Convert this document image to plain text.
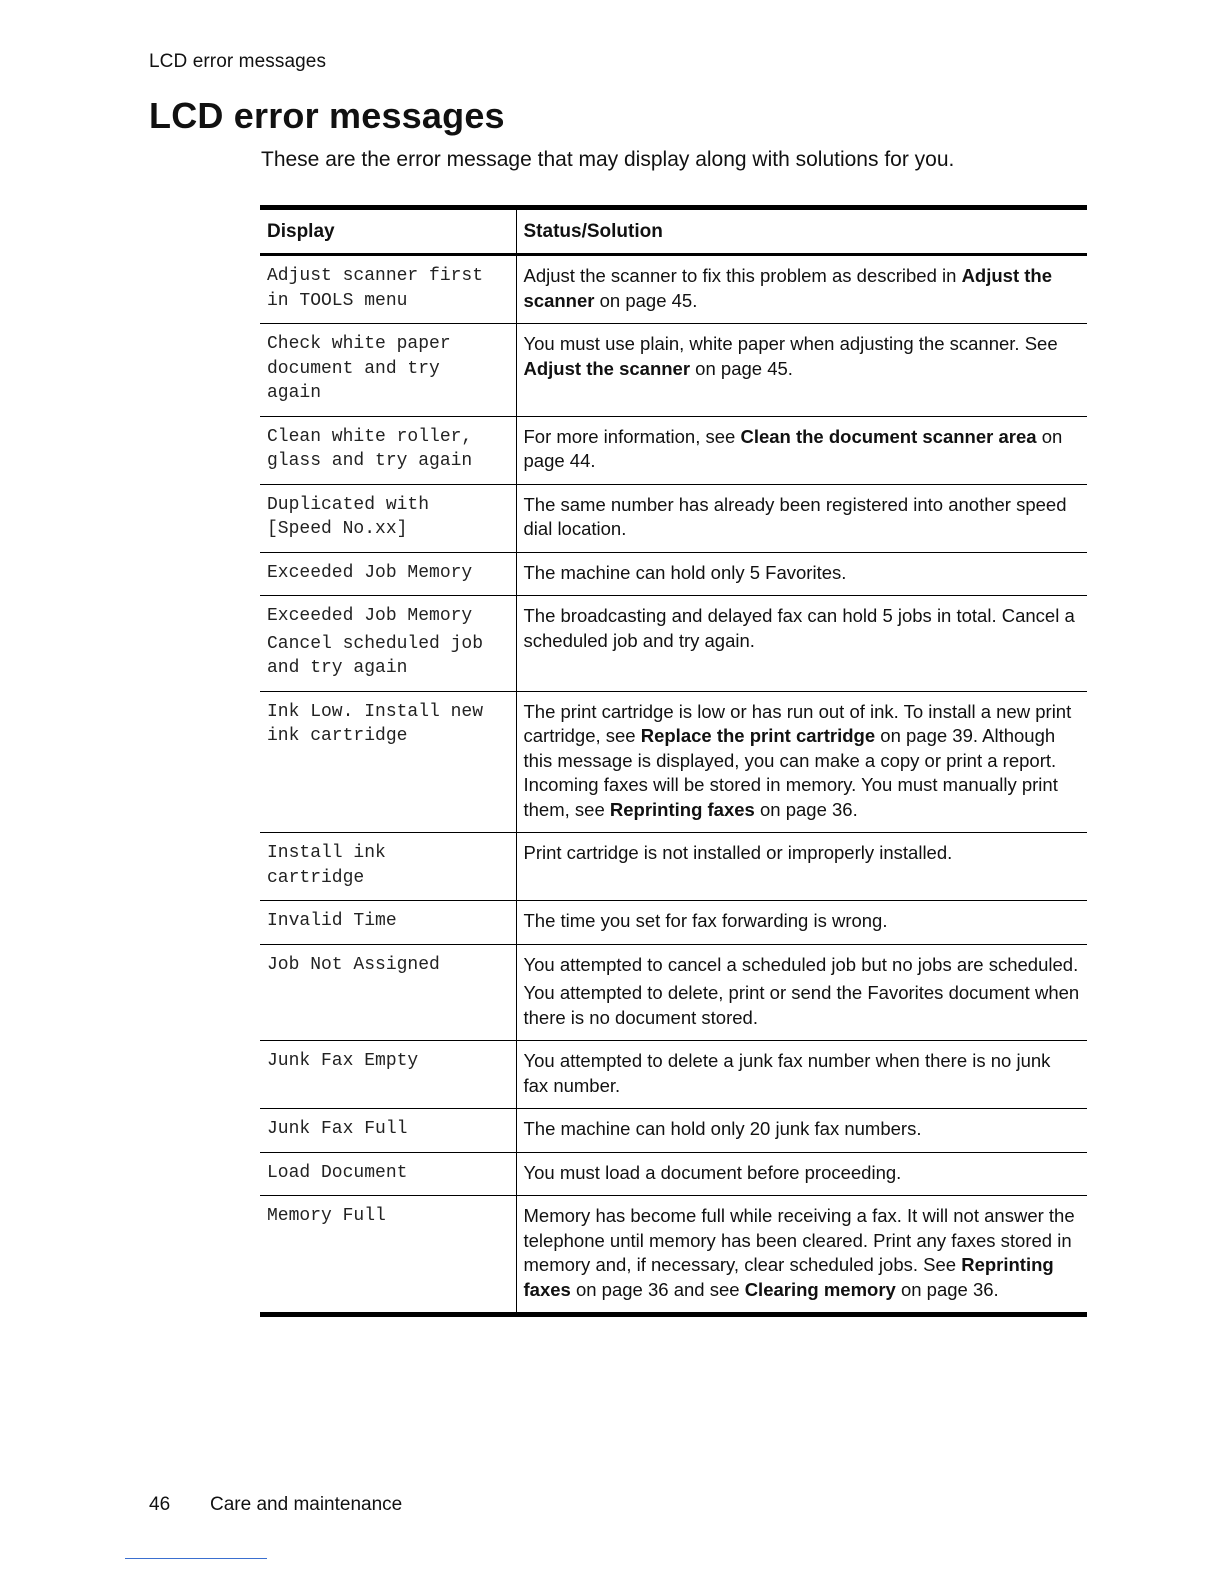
LCD error messages
LCD error messages

These are the error message that may display along with solutions for you.

Display	Status/Solution

Adjust scanner first
in TOOLS menu	Adjust the scanner to fix this problem as described in Adjust the scanner on page 45.

Check white paper
document and try
again	You must use plain, white paper when adjusting the scanner. See Adjust the scanner on page 45.

Clean white roller,
glass and try again	For more information, see Clean the document scanner area on page 44.

Duplicated with
[Speed No.xx]	The same number has already been registered into another speed dial location.

Exceeded Job Memory	The machine can hold only 5 Favorites.

Exceeded Job Memory
Cancel scheduled job
and try again	The broadcasting and delayed fax can hold 5 jobs in total. Cancel a scheduled job and try again.

Ink Low. Install new
ink cartridge	The print cartridge is low or has run out of ink. To install a new print cartridge, see Replace the print cartridge on page 39. Although this message is displayed, you can make a copy or print a report. Incoming faxes will be stored in memory. You must manually print them, see Reprinting faxes on page 36.

Install ink
cartridge	Print cartridge is not installed or improperly installed.

Invalid Time	The time you set for fax forwarding is wrong.

Job Not Assigned	You attempted to cancel a scheduled job but no jobs are scheduled.

You attempted to delete, print or send the Favorites document when there is no document stored.

Junk Fax Empty	You attempted to delete a junk fax number when there is no junk fax number.

Junk Fax Full	The machine can hold only 20 junk fax numbers.

Load Document	You must load a document before proceeding.

Memory Full	Memory has become full while receiving a fax. It will not answer the telephone until memory has been cleared. Print any faxes stored in memory and, if necessary, clear scheduled jobs. See Reprinting faxes on page 36 and see Clearing memory on page 36.

46 Care and maintenance
